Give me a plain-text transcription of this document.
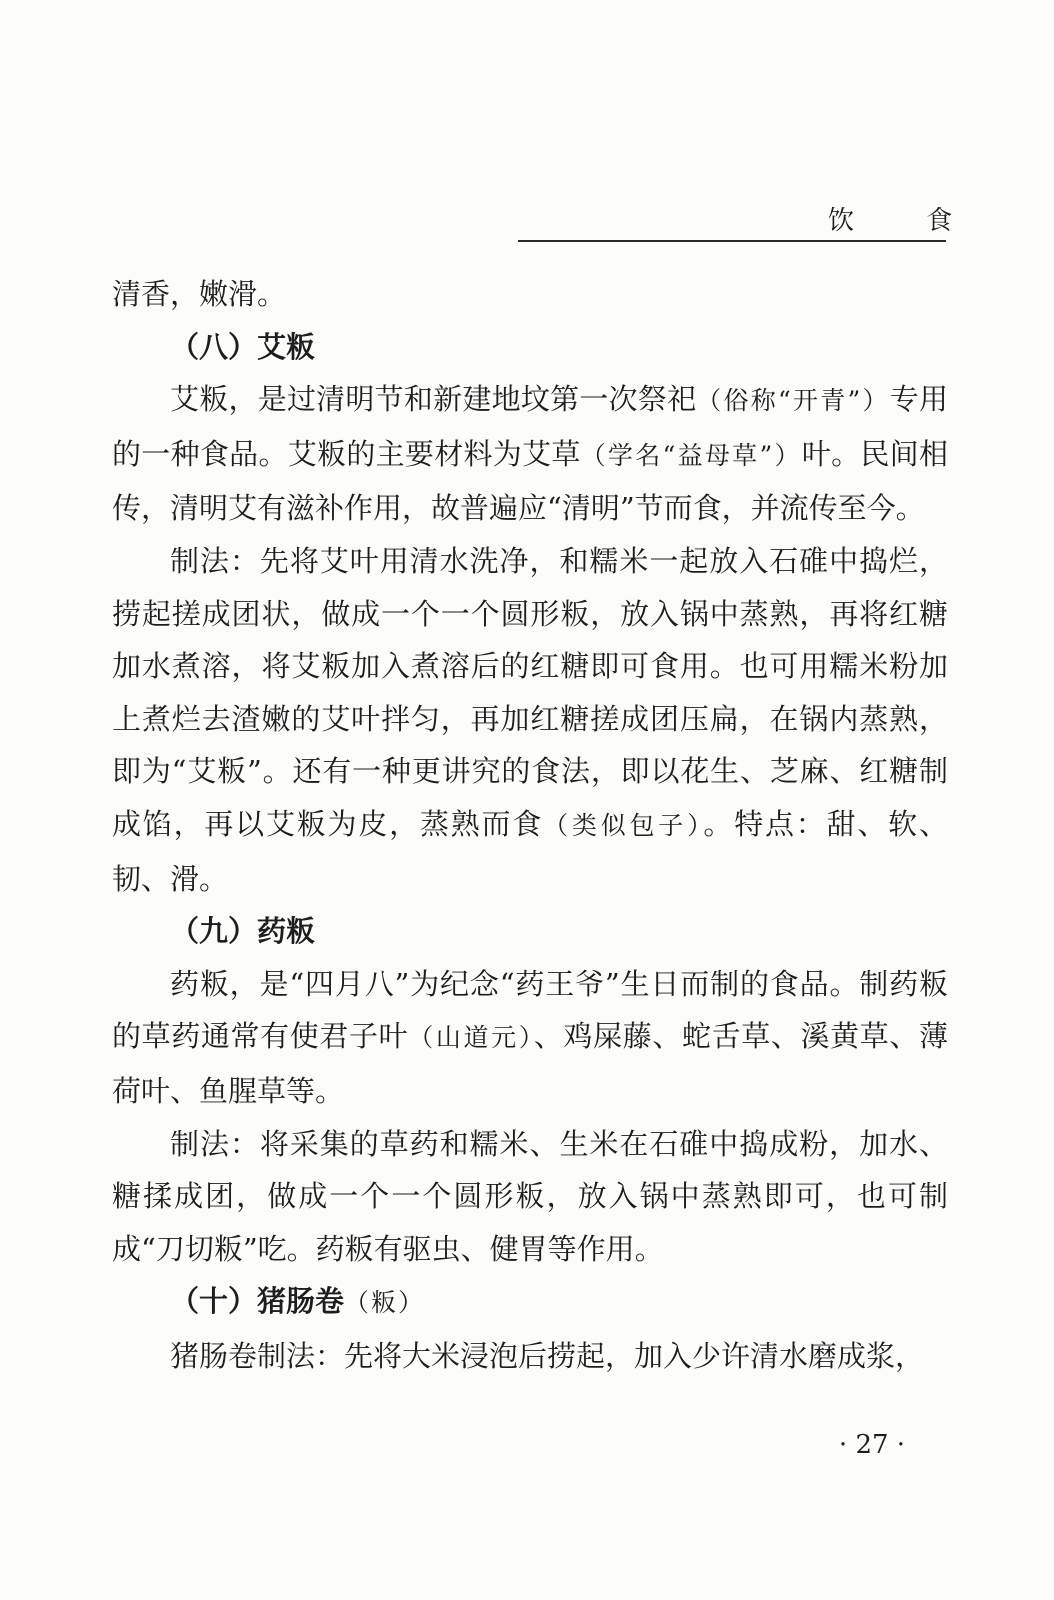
饮 食

清香，嫩滑。

（八）艾粄

艾粄，是过清明节和新建地坟第一次祭祀（俗称“开青”）专用的一种食品。艾粄的主要材料为艾草（学名“益母草”）叶。民间相传，清明艾有滋补作用，故普遍应“清明”节而食，并流传至今。

制法：先将艾叶用清水洗净，和糯米一起放入石碓中捣烂，捞起搓成团状，做成一个一个圆形粄，放入锅中蒸熟，再将红糖加水煮溶，将艾粄加入煮溶后的红糖即可食用。也可用糯米粉加上煮烂去渣嫩的艾叶拌匀，再加红糖搓成团压扁，在锅内蒸熟，即为“艾粄”。还有一种更讲究的食法，即以花生、芝麻、红糖制成馅，再以艾粄为皮，蒸熟而食（类似包子）。特点：甜、软、韧、滑。

（九）药粄

药粄，是“四月八”为纪念“药王爷”生日而制的食品。制药粄的草药通常有使君子叶（山道元）、鸡屎藤、蛇舌草、溪黄草、薄荷叶、鱼腥草等。

制法：将采集的草药和糯米、生米在石碓中捣成粉，加水、糖揉成团，做成一个一个圆形粄，放入锅中蒸熟即可，也可制成“刀切粄”吃。药粄有驱虫、健胃等作用。

（十）猪肠卷（粄）

猪肠卷制法：先将大米浸泡后捞起，加入少许清水磨成浆，

· 27 ·
